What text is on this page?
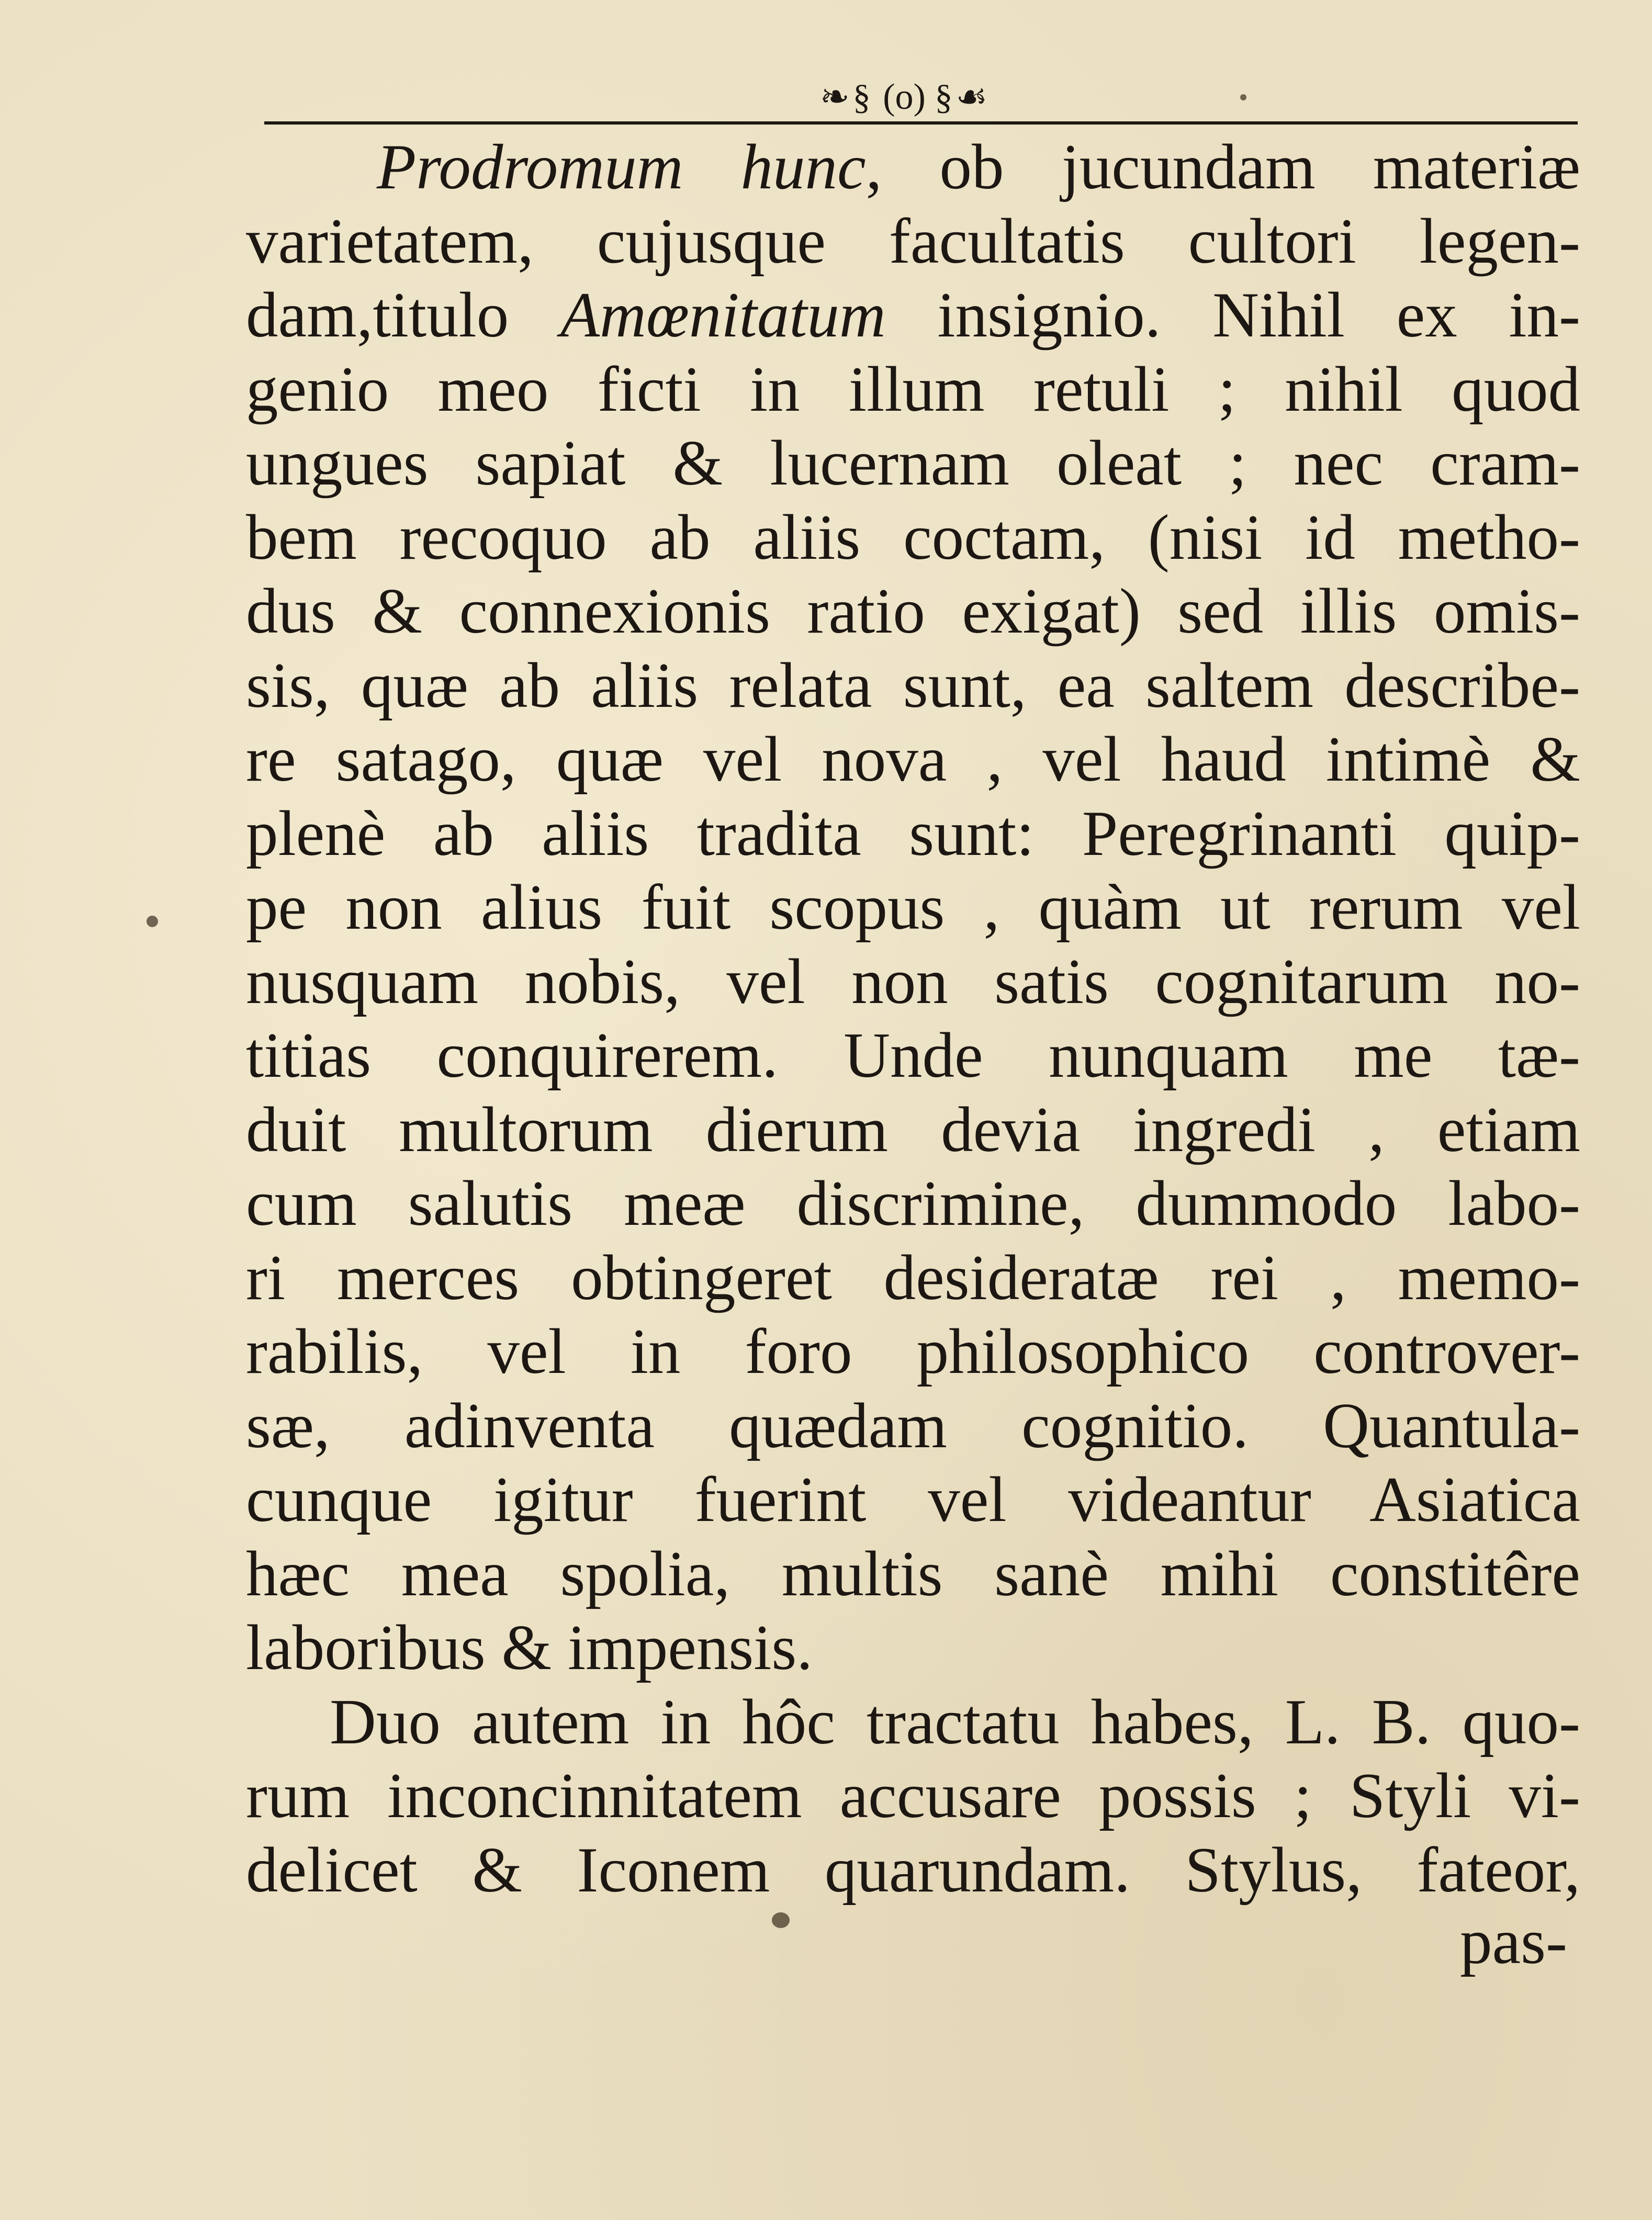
❧§ (o) §☙
Prodromum hunc, ob jucundam materiæ
varietatem, cujusque facultatis cultori legen-
dam,titulo Amœnitatum insignio. Nihil ex in-
genio meo ficti in illum retuli ; nihil quod
ungues sapiat & lucernam oleat ; nec cram-
bem recoquo ab aliis coctam, (nisi id metho-
dus & connexionis ratio exigat) sed illis omis-
sis, quæ ab aliis relata sunt, ea saltem describe-
re satago, quæ vel nova , vel haud intimè &
plenè ab aliis tradita sunt: Peregrinanti quip-
pe non alius fuit scopus , quàm ut rerum vel
nusquam nobis, vel non satis cognitarum no-
titias conquirerem. Unde nunquam me tæ-
duit multorum dierum devia ingredi , etiam
cum salutis meæ discrimine, dummodo labo-
ri merces obtingeret desideratæ rei , memo-
rabilis, vel in foro philosophico controver-
sæ, adinventa quædam cognitio. Quantula-
cunque igitur fuerint vel videantur Asiatica
hæc mea spolia, multis sanè mihi constitêre
laboribus & impensis.
Duo autem in hôc tractatu habes, L. B. quo-
rum inconcinnitatem accusare possis ; Styli vi-
delicet & Iconem quarundam. Stylus, fateor,
pas-
